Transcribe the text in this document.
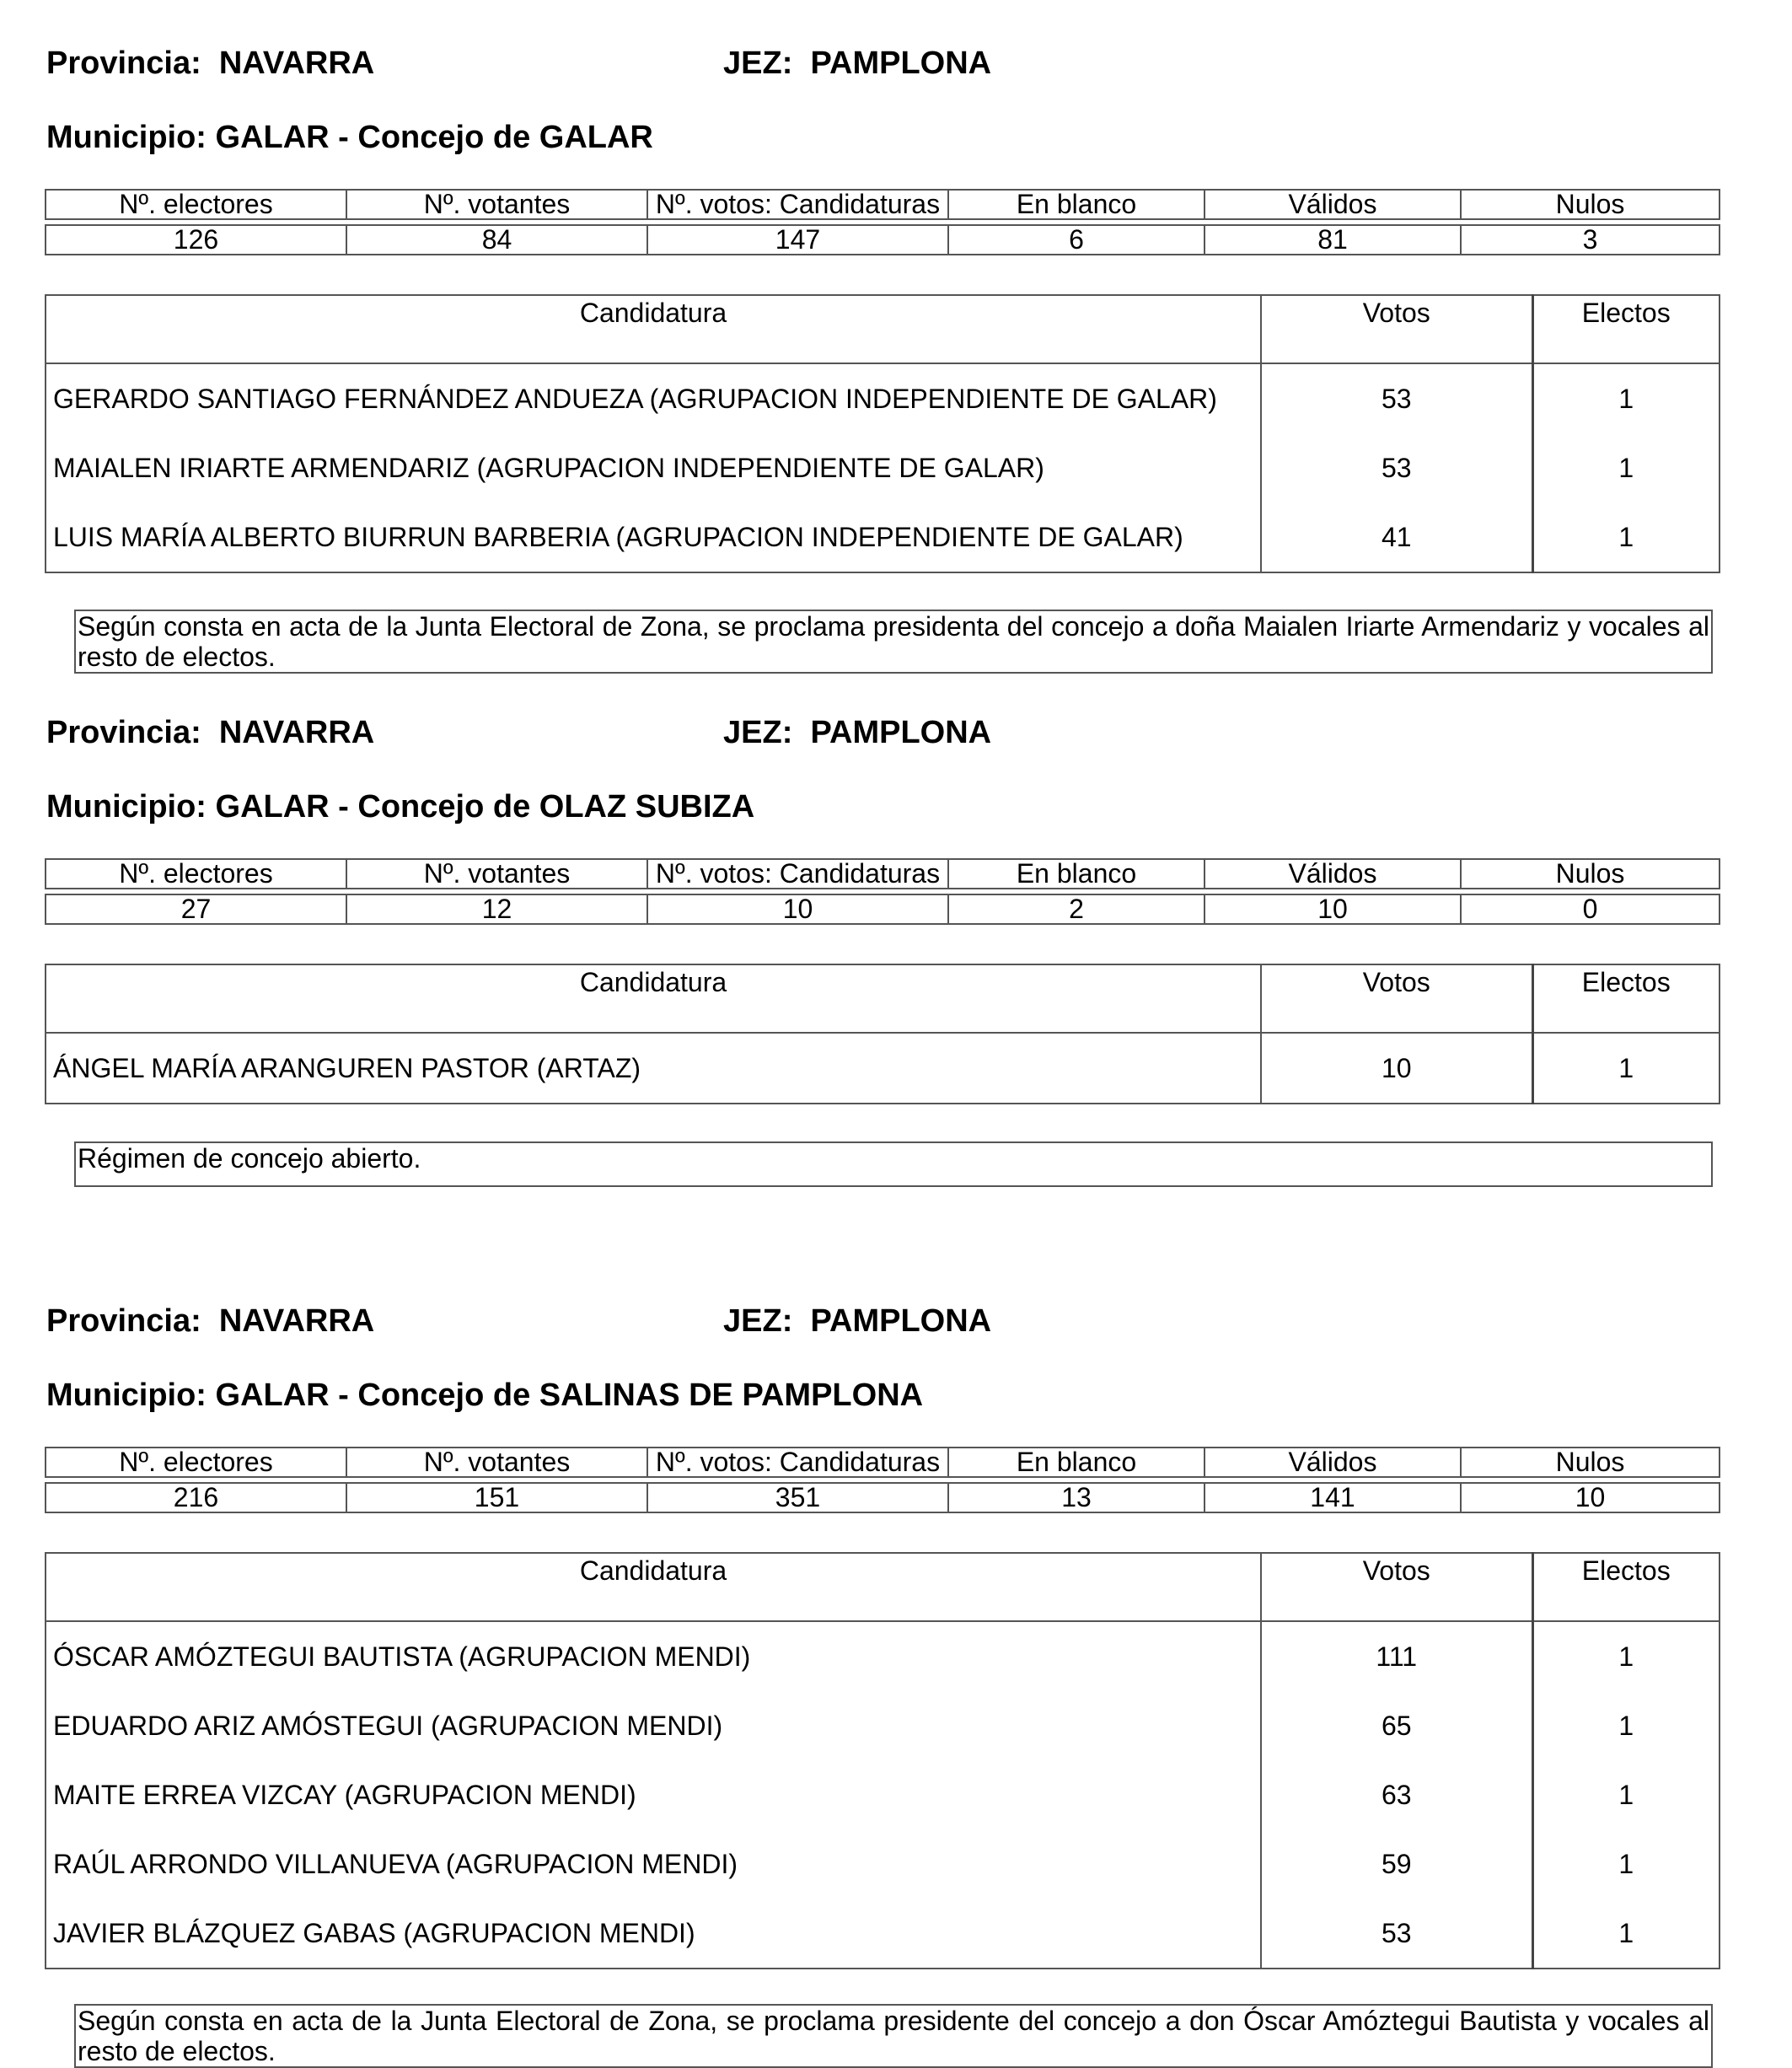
Provincia: NAVARRA	JEZ: PAMPLONA
Municipio: GALAR - Concejo de GALAR
Nº. electores	Nº. votantes	Nº. votos: Candidaturas	En blanco	Válidos	Nulos

126	84	147	6	81	3
Candidatura	Votos	Electos
GERARDO SANTIAGO FERNÁNDEZ ANDUEZA (AGRUPACION INDEPENDIENTE DE GALAR)	53	1
MAIALEN IRIARTE ARMENDARIZ (AGRUPACION INDEPENDIENTE DE GALAR)	53	1
LUIS MARÍA ALBERTO BIURRUN BARBERIA (AGRUPACION INDEPENDIENTE DE GALAR)	41	1
Según consta en acta de la Junta Electoral de Zona, se proclama presidenta del concejo a doña Maialen Iriarte Armendariz y vocales al resto de electos.
Provincia: NAVARRA	JEZ: PAMPLONA
Municipio: GALAR - Concejo de OLAZ SUBIZA
Nº. electores	Nº. votantes	Nº. votos: Candidaturas	En blanco	Válidos	Nulos

27	12	10	2	10	0
Candidatura	Votos	Electos
ÁNGEL MARÍA ARANGUREN PASTOR (ARTAZ)	10	1
Régimen de concejo abierto.
Provincia: NAVARRA	JEZ: PAMPLONA
Municipio: GALAR - Concejo de SALINAS DE PAMPLONA
Nº. electores	Nº. votantes	Nº. votos: Candidaturas	En blanco	Válidos	Nulos

216	151	351	13	141	10
Candidatura	Votos	Electos
ÓSCAR AMÓZTEGUI BAUTISTA (AGRUPACION MENDI)	111	1
EDUARDO ARIZ AMÓSTEGUI (AGRUPACION MENDI)	65	1
MAITE ERREA VIZCAY (AGRUPACION MENDI)	63	1
RAÚL ARRONDO VILLANUEVA (AGRUPACION MENDI)	59	1
JAVIER BLÁZQUEZ GABAS (AGRUPACION MENDI)	53	1
Según consta en acta de la Junta Electoral de Zona, se proclama presidente del concejo a don Óscar Amóztegui Bautista y vocales al resto de electos.
